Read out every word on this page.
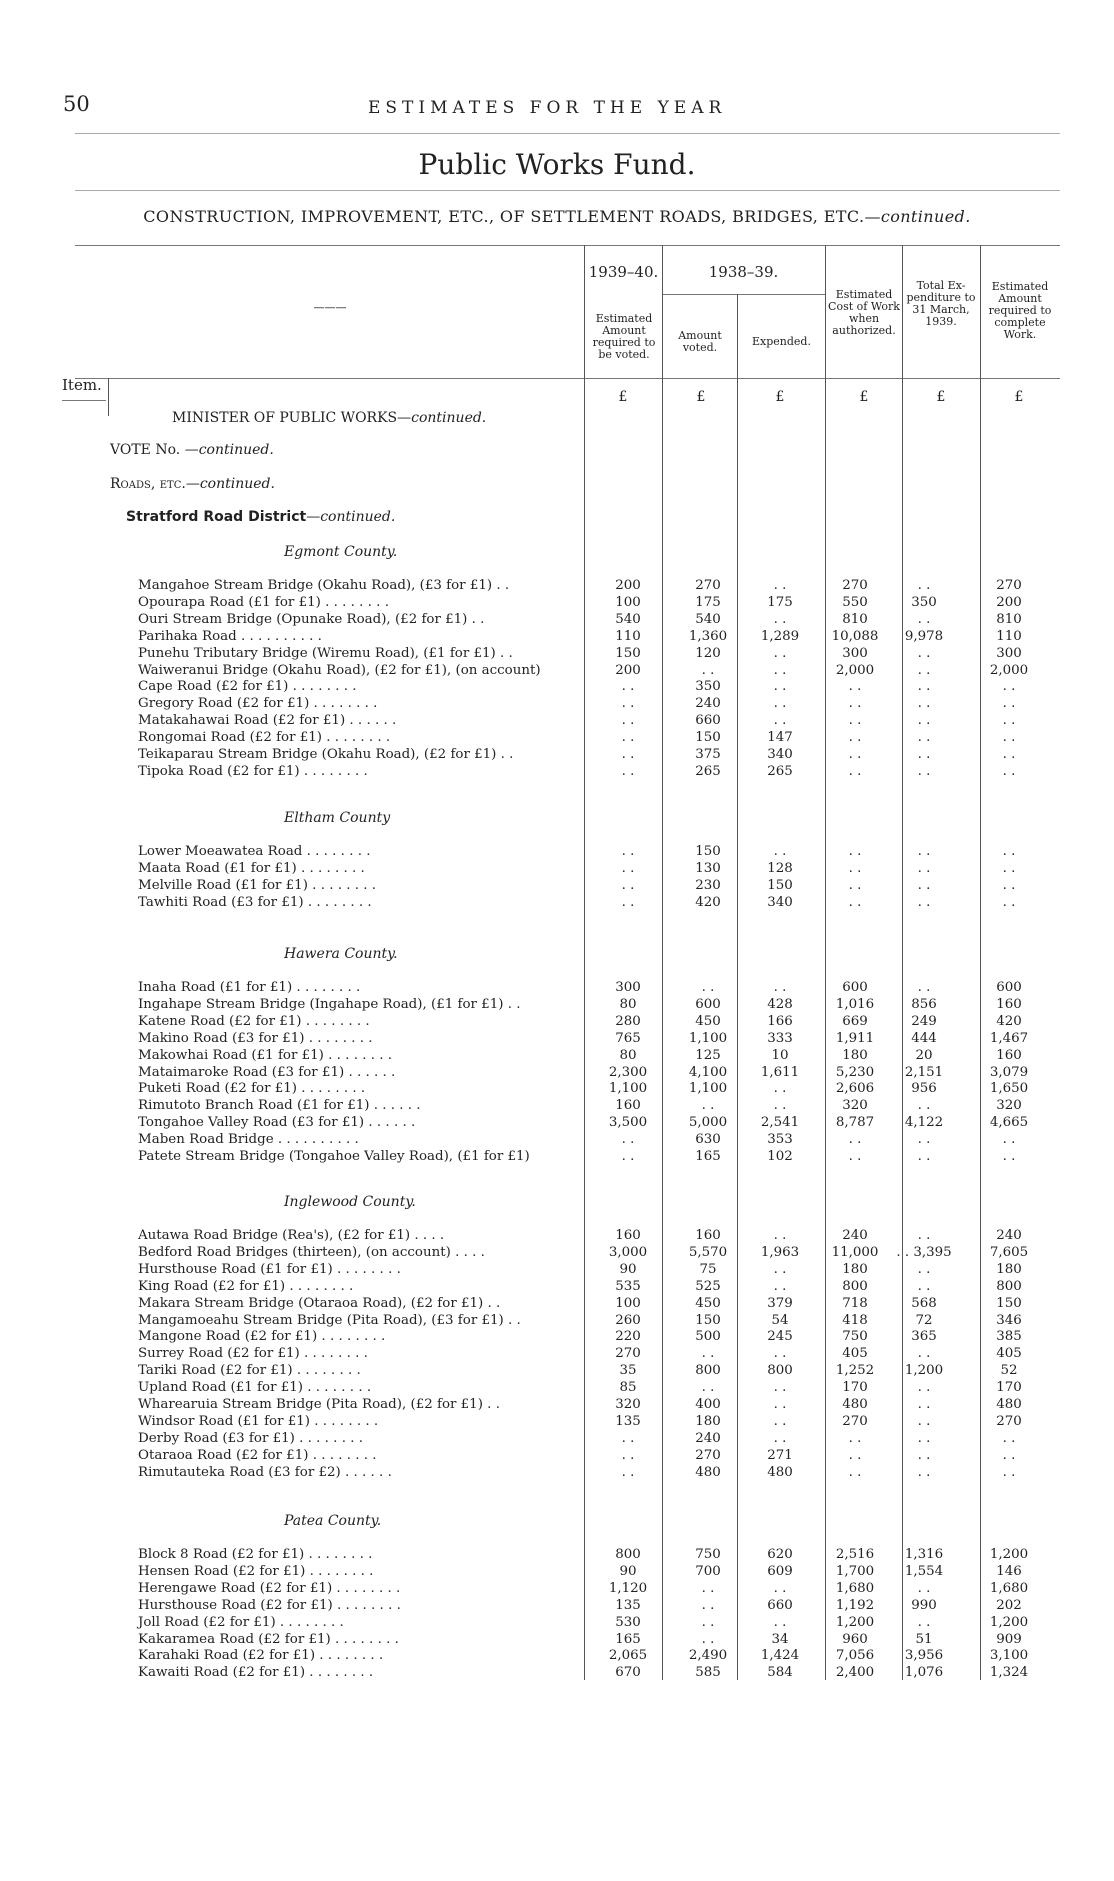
50	ESTIMATES FOR THE YEAR
Public Works Fund.
CONSTRUCTION, IMPROVEMENT, ETC., OF SETTLEMENT ROADS, BRIDGES, ETC.—continued.
———
1939–40.	1938–39.
Estimated Amount required to be voted.
Amount voted.	Expended.
Estimated Cost of Work when authorized.
Total Ex- penditure to 31 March, 1939.
Estimated Amount required to complete Work.
Item.
£	£	£	£	£	£
MINISTER OF PUBLIC WORKS—continued.
VOTE No. —continued.
Roads, etc.—continued.
Stratford Road District—continued.
Egmont County.
Mangahoe Stream Bridge (Okahu Road), (£3 for £1) . .	200	270	. .	270	. .	270
Opourapa Road (£1 for £1) . . . . . . . .	100	175	175	550	350	200
Ouri Stream Bridge (Opunake Road), (£2 for £1) . .	540	540	. .	810	. .	810
Parihaka Road . . . . . . . . . .	110	1,360	1,289	10,088	9,978	110
Punehu Tributary Bridge (Wiremu Road), (£1 for £1) . .	150	120	. .	300	. .	300
Waiweranui Bridge (Okahu Road), (£2 for £1), (on account)	200	. .	. .	2,000	. .	2,000
Cape Road (£2 for £1) . . . . . . . .	. .	350	. .	. .	. .	. .
Gregory Road (£2 for £1) . . . . . . . .	. .	240	. .	. .	. .	. .
Matakahawai Road (£2 for £1) . . . . . .	. .	660	. .	. .	. .	. .
Rongomai Road (£2 for £1) . . . . . . . .	. .	150	147	. .	. .	. .
Teikaparau Stream Bridge (Okahu Road), (£2 for £1) . .	. .	375	340	. .	. .	. .
Tipoka Road (£2 for £1) . . . . . . . .	. .	265	265	. .	. .	. .
Eltham County
Lower Moeawatea Road . . . . . . . .	. .	150	. .	. .	. .	. .
Maata Road (£1 for £1) . . . . . . . .	. .	130	128	. .	. .	. .
Melville Road (£1 for £1) . . . . . . . .	. .	230	150	. .	. .	. .
Tawhiti Road (£3 for £1) . . . . . . . .	. .	420	340	. .	. .	. .
Hawera County.
Inaha Road (£1 for £1) . . . . . . . .	300	. .	. .	600	. .	600
Ingahape Stream Bridge (Ingahape Road), (£1 for £1) . .	80	600	428	1,016	856	160
Katene Road (£2 for £1) . . . . . . . .	280	450	166	669	249	420
Makino Road (£3 for £1) . . . . . . . .	765	1,100	333	1,911	444	1,467
Makowhai Road (£1 for £1) . . . . . . . .	80	125	10	180	20	160
Mataimaroke Road (£3 for £1) . . . . . .	2,300	4,100	1,611	5,230	2,151	3,079
Puketi Road (£2 for £1) . . . . . . . .	1,100	1,100	. .	2,606	956	1,650
Rimutoto Branch Road (£1 for £1) . . . . . .	160	. .	. .	320	. .	320
Tongahoe Valley Road (£3 for £1) . . . . . .	3,500	5,000	2,541	8,787	4,122	4,665
Maben Road Bridge . . . . . . . . . .	. .	630	353	. .	. .	. .
Patete Stream Bridge (Tongahoe Valley Road), (£1 for £1)	. .	165	102	. .	. .	. .
Inglewood County.
Autawa Road Bridge (Rea's), (£2 for £1) . . . .	160	160	. .	240	. .	240
Bedford Road Bridges (thirteen), (on account) . . . .	3,000	5,570	1,963	11,000	. . 3,395	7,605
Hursthouse Road (£1 for £1) . . . . . . . .	90	75	. .	180	. .	180
King Road (£2 for £1) . . . . . . . .	535	525	. .	800	. .	800
Makara Stream Bridge (Otaraoa Road), (£2 for £1) . .	100	450	379	718	568	150
Mangamoeahu Stream Bridge (Pita Road), (£3 for £1) . .	260	150	54	418	72	346
Mangone Road (£2 for £1) . . . . . . . .	220	500	245	750	365	385
Surrey Road (£2 for £1) . . . . . . . .	270	. .	. .	405	. .	405
Tariki Road (£2 for £1) . . . . . . . .	35	800	800	1,252	1,200	52
Upland Road (£1 for £1) . . . . . . . .	85	. .	. .	170	. .	170
Wharearuia Stream Bridge (Pita Road), (£2 for £1) . .	320	400	. .	480	. .	480
Windsor Road (£1 for £1) . . . . . . . .	135	180	. .	270	. .	270
Derby Road (£3 for £1) . . . . . . . .	. .	240	. .	. .	. .	. .
Otaraoa Road (£2 for £1) . . . . . . . .	. .	270	271	. .	. .	. .
Rimutauteka Road (£3 for £2) . . . . . .	. .	480	480	. .	. .	. .
Patea County.
Block 8 Road (£2 for £1) . . . . . . . .	800	750	620	2,516	1,316	1,200
Hensen Road (£2 for £1) . . . . . . . .	90	700	609	1,700	1,554	146
Herengawe Road (£2 for £1) . . . . . . . .	1,120	. .	. .	1,680	. .	1,680
Hursthouse Road (£2 for £1) . . . . . . . .	135	. .	660	1,192	990	202
Joll Road (£2 for £1) . . . . . . . .	530	. .	. .	1,200	. .	1,200
Kakaramea Road (£2 for £1) . . . . . . . .	165	. .	34	960	51	909
Karahaki Road (£2 for £1) . . . . . . . .	2,065	2,490	1,424	7,056	3,956	3,100
Kawaiti Road (£2 for £1) . . . . . . . .	670	585	584	2,400	1,076	1,324
